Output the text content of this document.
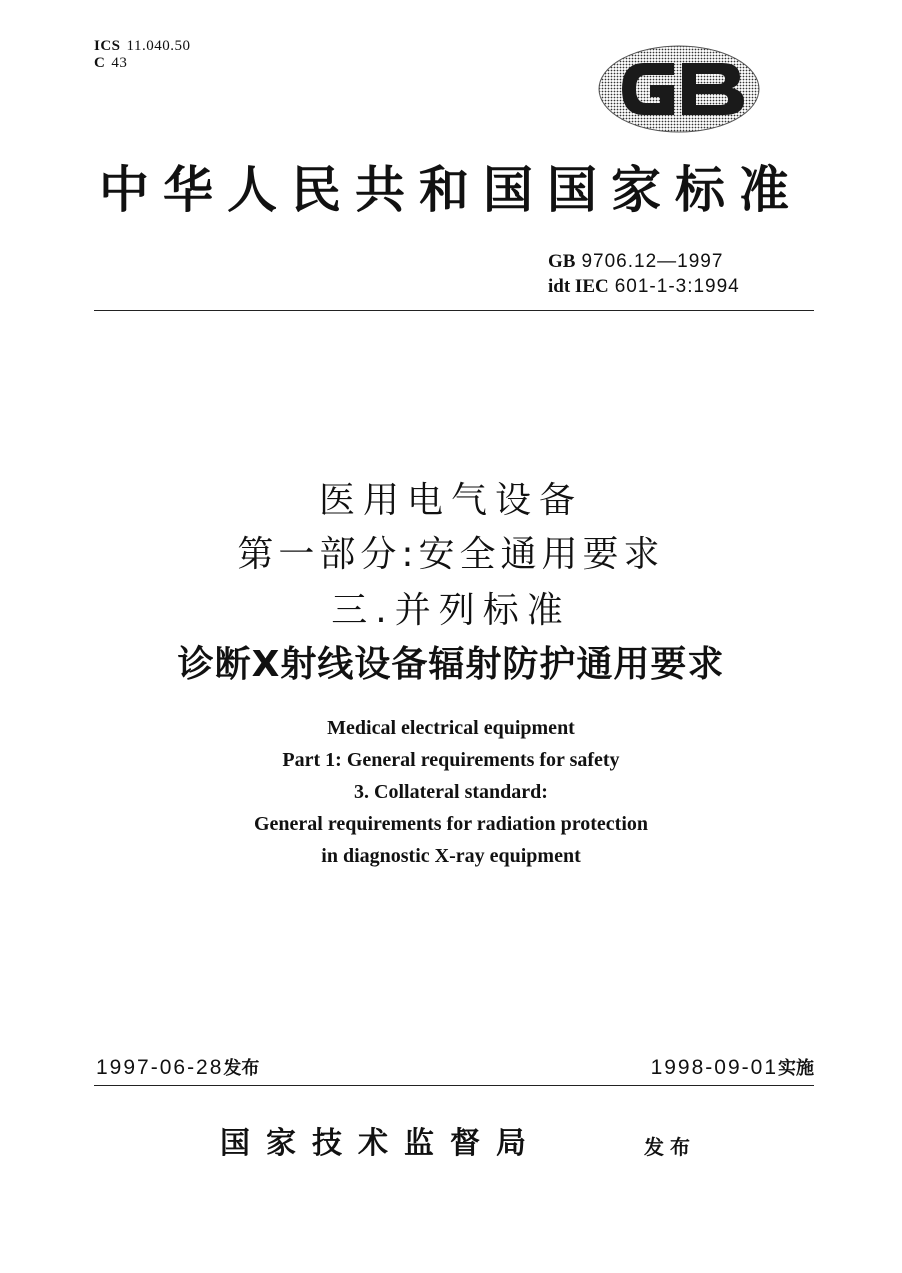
ICS 11.040.50
C 43
中华人民共和国国家标准
GB 9706.12—1997
idt IEC 601-1-3:1994
医用电气设备
第一部分:安全通用要求
三.并列标准
诊断X射线设备辐射防护通用要求
Medical electrical equipment
Part 1: General requirements for safety
3. Collateral standard:
General requirements for radiation protection
in diagnostic X-ray equipment
1997-06-28发布	1998-09-01实施
国家技术监督局	发布
